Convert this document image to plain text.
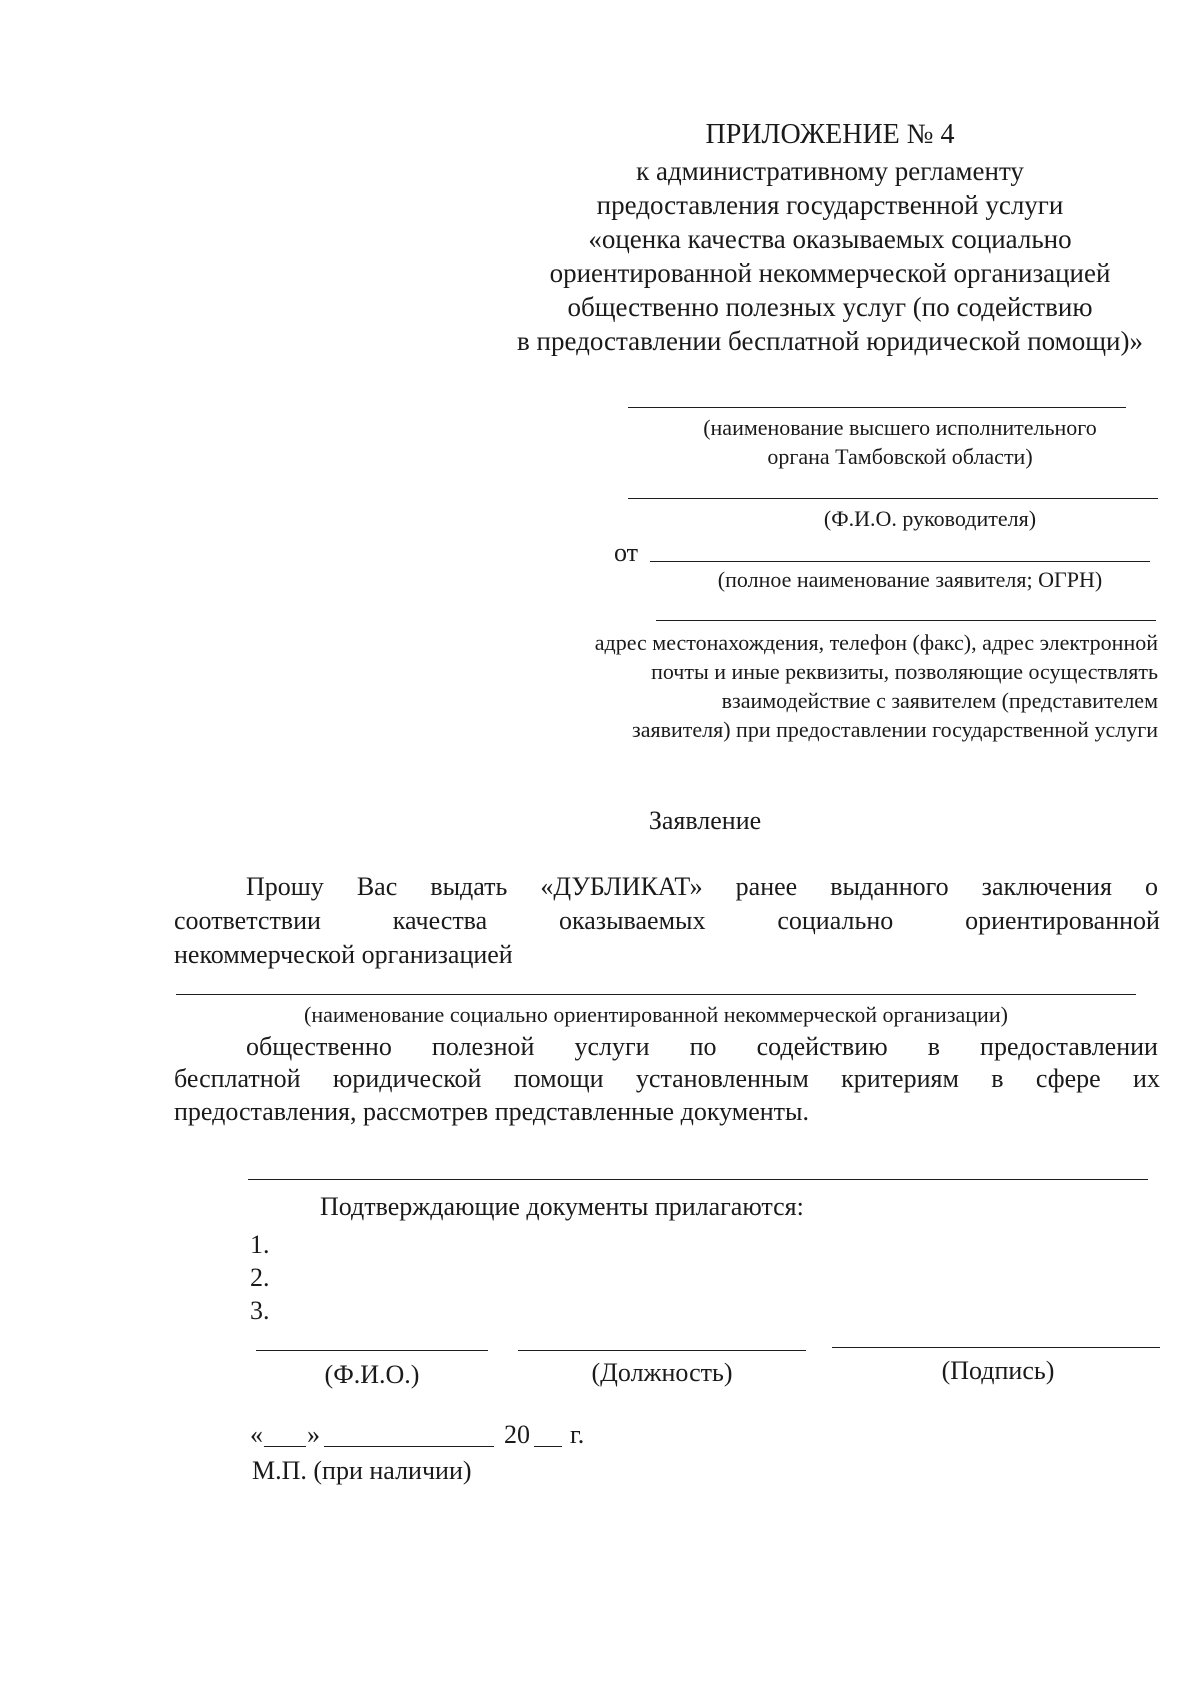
ПРИЛОЖЕНИЕ № 4
к административному регламенту
предоставления государственной услуги
«оценка качества оказываемых социально
ориентированной некоммерческой организацией
общественно полезных услуг (по содействию
в предоставлении бесплатной юридической помощи)»
(наименование высшего исполнительного
органа Тамбовской области)
(Ф.И.О. руководителя)
от
(полное наименование заявителя; ОГРН)
адрес местонахождения, телефон (факс), адрес электронной
почты и иные реквизиты, позволяющие осуществлять
взаимодействие с заявителем (представителем
заявителя) при предоставлении государственной услуги
Заявление
Прошу Вас выдать «ДУБЛИКАТ» ранее выданного заключения о
соответствии	качества	оказываемых	социально	ориентированной
некоммерческой организацией
(наименование социально ориентированной некоммерческой организации)
общественно полезной услуги по содействию в предоставлении
бесплатной юридической помощи установленным критериям в сфере их
предоставления, рассмотрев представленные документы.
Подтверждающие документы прилагаются:
1.
2.
3.
(Ф.И.О.)	(Должность)	(Подпись)
« »	20 г.
М.П. (при наличии)
